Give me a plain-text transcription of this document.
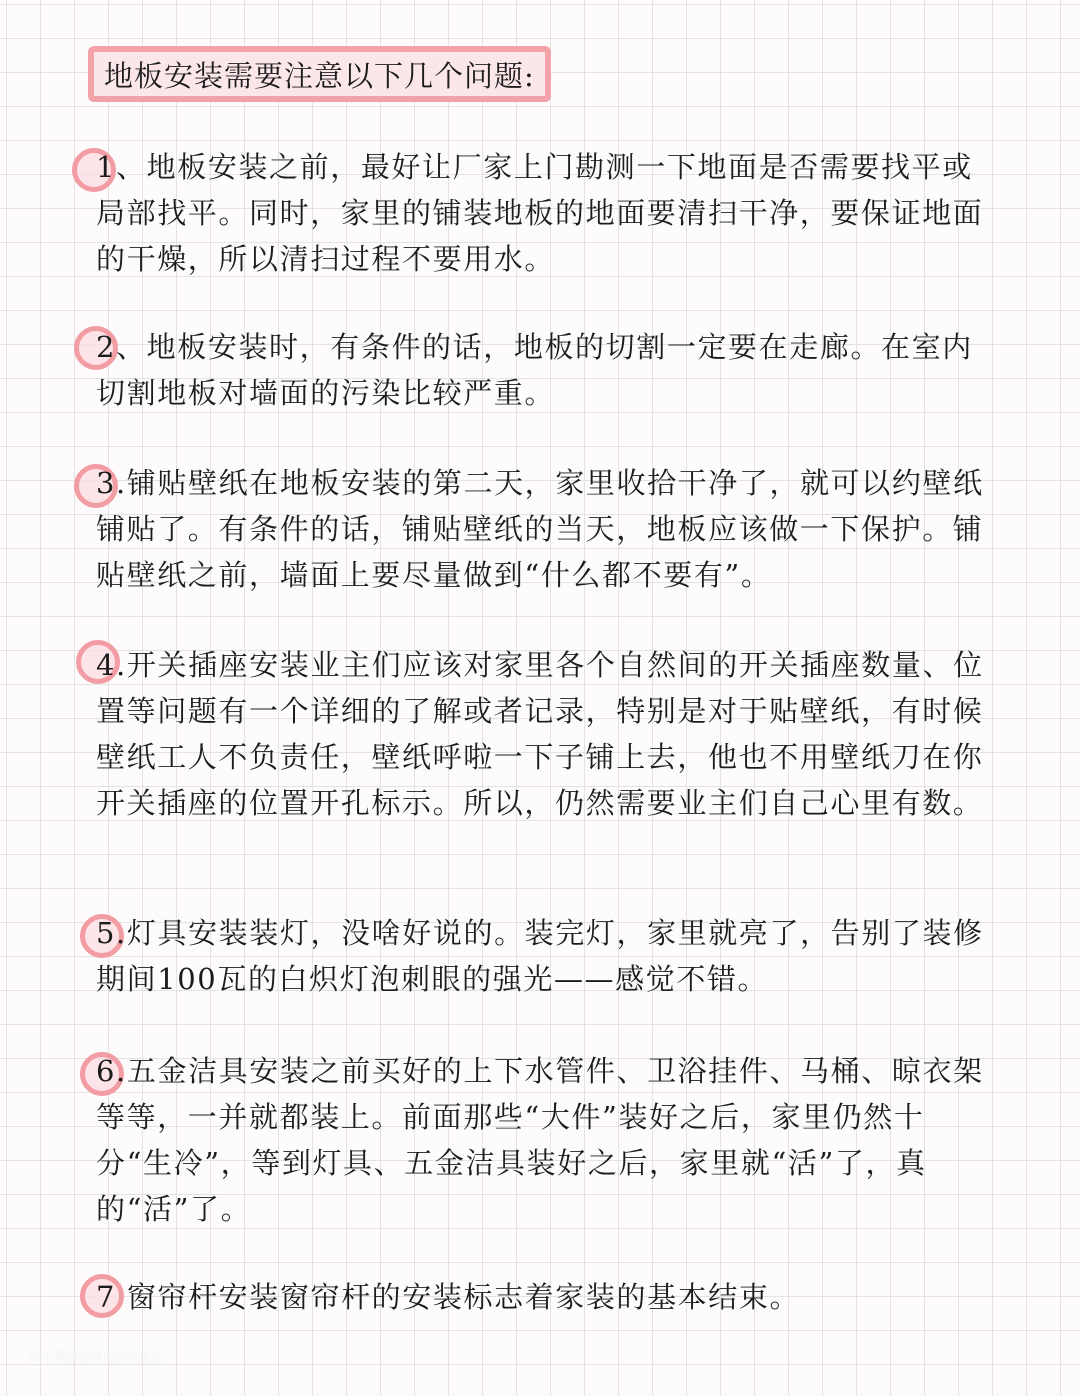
地板安装需要注意以下几个问题:
1、地板安装之前，最好让厂家上门勘测一下地面是否需要找平或局部找平。同时，家里的铺装地板的地面要清扫干净，要保证地面的干燥，所以清扫过程不要用水。
2、地板安装时，有条件的话，地板的切割一定要在走廊。在室内切割地板对墙面的污染比较严重。
3.铺贴壁纸在地板安装的第二天，家里收拾干净了，就可以约壁纸铺贴了。有条件的话，铺贴壁纸的当天，地板应该做一下保护。铺贴壁纸之前，墙面上要尽量做到“什么都不要有”。
4.开关插座安装业主们应该对家里各个自然间的开关插座数量、位置等问题有一个详细的了解或者记录，特别是对于贴壁纸，有时候壁纸工人不负责任，壁纸呼啦一下子铺上去，他也不用壁纸刀在你开关插座的位置开孔标示。所以，仍然需要业主们自己心里有数。
5.灯具安装装灯，没啥好说的。装完灯，家里就亮了，告别了装修期间100瓦的白炽灯泡刺眼的强光——感觉不错。
6.五金洁具安装之前买好的上下水管件、卫浴挂件、马桶、晾衣架等等，一并就都装上。前面那些“大件”装好之后，家里仍然十分“生冷”，等到灯具、五金洁具装好之后，家里就“活”了，真的“活”了。
7 窗帘杆安装窗帘杆的安装标志着家装的基本结束。
住小帮@田园美居体验店
